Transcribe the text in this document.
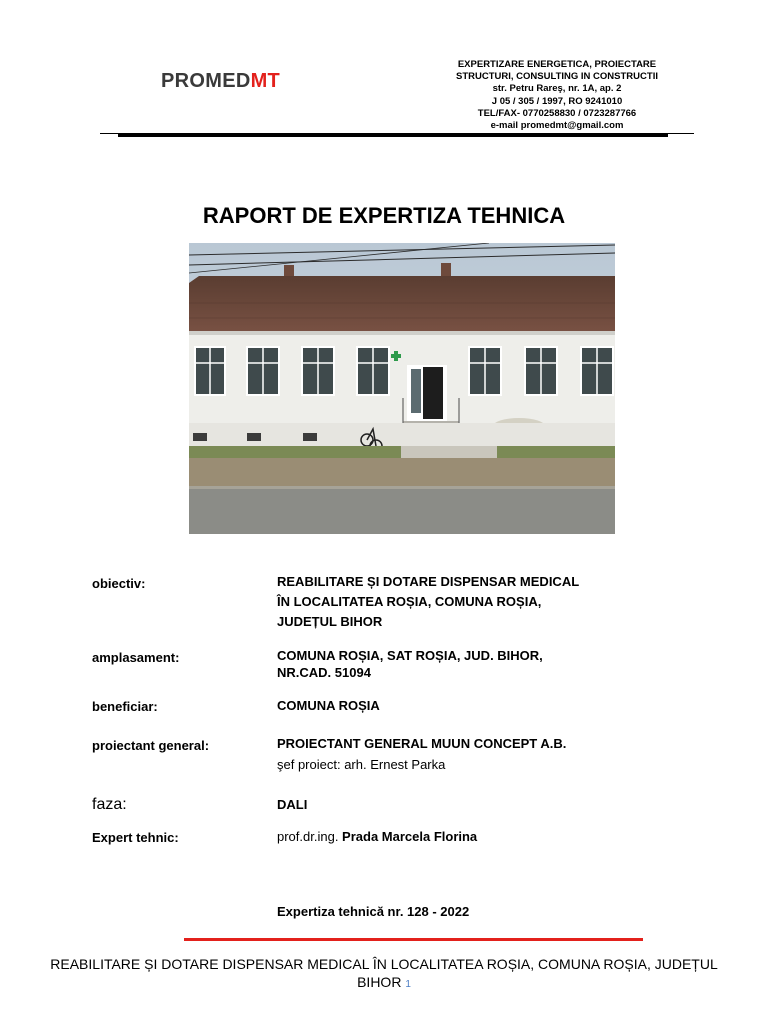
PROMEDMT
EXPERTIZARE ENERGETICA, PROIECTARE
STRUCTURI, CONSULTING IN CONSTRUCTII
str. Petru Rareş, nr. 1A, ap. 2
J 05 / 305 / 1997, RO 9241010
TEL/FAX- 0770258830 / 0723287766
e-mail promedmt@gmail.com
RAPORT DE EXPERTIZA TEHNICA
obiectiv:	REABILITARE ȘI DOTARE DISPENSAR MEDICAL
ÎN LOCALITATEA ROȘIA, COMUNA ROȘIA,
JUDEȚUL BIHOR
amplasament:	COMUNA ROȘIA, SAT ROȘIA, JUD. BIHOR,
NR.CAD. 51094
beneficiar:	COMUNA ROȘIA
proiectant general:	PROIECTANT GENERAL MUUN CONCEPT A.B.
şef proiect: arh. Ernest Parka
faza:	DALI
Expert tehnic:	prof.dr.ing. Prada Marcela Florina
Expertiza tehnică nr. 128 - 2022
REABILITARE ȘI DOTARE DISPENSAR MEDICAL ÎN LOCALITATEA ROȘIA, COMUNA ROȘIA, JUDEȚUL BIHOR 1
